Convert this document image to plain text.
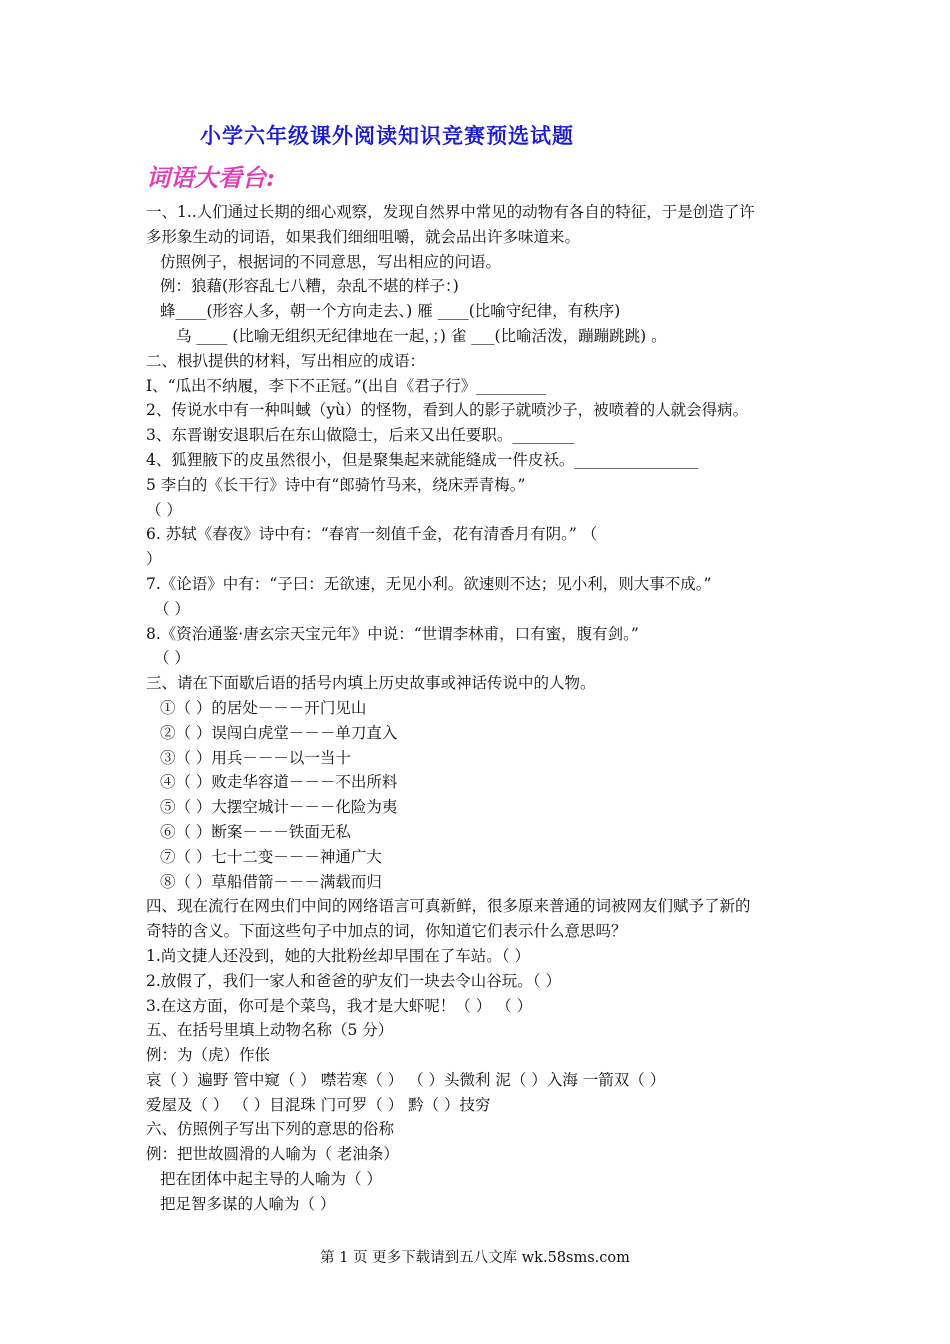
小学六年级课外阅读知识竞赛预选试题
词语大看台:
一、1..人们通过长期的细心观察，发现自然界中常见的动物有各自的特征，于是创造了许
多形象生动的词语，如果我们细细咀嚼，就会品出许多味道来。
仿照例子，根据词的不同意思，写出相应的问语。
例：狼藉(形容乱七八糟，杂乱不堪的样子：)
蜂____(形容人多，朝一个方向走去、) 雁 ____(比喻守纪律，有秩序)
乌 ____ (比喻无组织无纪律地在一起，；) 雀 ___(比喻活泼，蹦蹦跳跳) 。
二、根扒提供的材料，写出相应的成语：
I、“瓜出不纳履，李下不正冠。”(出自《君子行》_________
2、传说水中有一种叫蜮（yù）的怪物，看到人的影子就喷沙子，被喷着的人就会得病。
3、东晋谢安退职后在东山做隐士，后来又出任要职。________
4、狐狸腋下的皮虽然很小，但是聚集起来就能缝成一件皮袄。________________
5 李白的《长干行》诗中有“郎骑竹马来，绕床弄青梅。”
（ ）
6. 苏轼《春夜》诗中有：“春宵一刻值千金，花有清香月有阴。” （
）
7.《论语》中有：“子曰：无欲速，无见小利。欲速则不达；见小利，则大事不成。”
（ ）
8.《资治通鉴·唐玄宗天宝元年》中说：“世谓李林甫，口有蜜，腹有剑。”
（ ）
三、请在下面歇后语的括号内填上历史故事或神话传说中的人物。
①（ ）的居处－－－开门见山
②（ ）误闯白虎堂－－－单刀直入
③（ ）用兵－－－以一当十
④（ ）败走华容道－－－不出所料
⑤（ ）大摆空城计－－－化险为夷
⑥（ ）断案－－－铁面无私
⑦（ ）七十二变－－－神通广大
⑧（ ）草船借箭－－－满载而归
四、现在流行在网虫们中间的网络语言可真新鲜，很多原来普通的词被网友们赋予了新的
奇特的含义。下面这些句子中加点的词，你知道它们表示什么意思吗？
1.尚文捷人还没到，她的大批粉丝却早围在了车站。（ ）
2.放假了，我们一家人和爸爸的驴友们一块去令山谷玩。（ ）
3.在这方面，你可是个菜鸟，我才是大虾呢！（ ） （ ）
五、在括号里填上动物名称（5 分）
例：为（虎）作伥
哀（ ）遍野 管中窥（ ） 噤若寒（ ） （ ）头微利 泥（ ）入海 一箭双（ ）
爱屋及（ ） （ ）目混珠 门可罗（ ） 黔（ ）技穷
六、仿照例子写出下列的意思的俗称
例：把世故圆滑的人喻为（ 老油条）
把在团体中起主导的人喻为（ ）
把足智多谋的人喻为（ ）
第 1 页 更多下载请到五八文库 wk.58sms.com
